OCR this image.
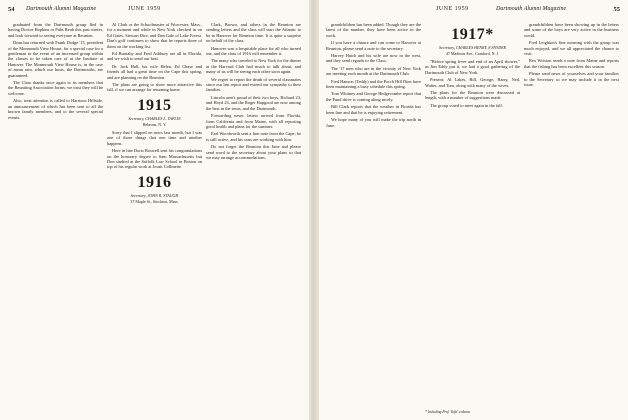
54 Dartmouth Alumni Magazine	JUNE 1959

graduated from the Dartmouth group fled in having Doctor Hopkins or Pabs Reub this past winter, and look forward to seeing everyone at Reunion.

Dean has returned with Frank Dodge '15, president of the Monmouth View House, for a special case for a gentleman in the event of an increased group within the classes to be taken care of at the Institute at Hanover. The Monmouth View House is, in the case of mean rain, which our hosts, the Dartmouths, are guaranteed.

The Class thanks once again to its members that the Reuniting Association forms; we trust they will be welcome.

Also, treat attention is called to Harrison Hillside, an announcement of which has been sent to all the known family members, and to the several special events.

Al Clark or the Schoolmaster of Worcester, Mass., for a moment and while in New York checked in on Ed Gates, Stewart Dire, and Dan Gale of Lake Forest. Dan's golf continues to show that he reports three of them on the working list.

Ed Burnaby and Fred Ashbury are all in Florida, and we wish to send our best.

Dr. Jack Hull, his wife Helen, Ed Chase and friends all had a great time on the Cape this spring, and are planning on the Reunion.

The plans are going to show more attractive this fall, if we can arrange for returning home.

1915
Secretary, CHARLES L. TAPLIN
Hebrons, N. Y.

Sorry that I slipped on news last month, but I was one of those things that one time and another happens.

Here in line Doris Boswell sent his congratulations on the honorary degree to Sam Massachusetts but Don studied at the Suffolk Law School in Boston on top of his regular work at Jesuit Collinette.

1916
Secretary, JOHN R. STAUGH
37 Maple St., Stockton, Mass.

Clark, Brown, and others in the Reunion are sending letters and the class will start the Atlantic to be in Hanover for Reunion time. It is quite a surprise on behalf of the class.

Hanover was a hospitable place for all who turned out, and the class of 1916 will remember it.

The many who traveled to New York for the dinner at the Harvard Club had much to talk about, and many of us will be seeing each other soon again.

We regret to report the death of several classmates since our last report and extend our sympathy to their families.

Lincoln aren't proud of their two boys, Richard 23, and Hoyd 23, and the Roger Hapgood are now among the best in the town, and the Dartmouth.

Forwarding news: letters arrived from Florida, from California and from Maine, with all reporting good health and plans for the summer.

Earl Woodworth sent a fine note from the Cape; he is still active, and his sons are working with him.

Do not forget the Reunion this June and please send word to the secretary about your plans so that we may arrange accommodations.

JUNE 1959	Dartmouth Alumni Magazine	55

grandchildren has been added. Though they are the latest of the number, they have been active in the work.

If you have a chance and can come to Hanover at Reunion, please send a note to the secretary.

Harvey Hatch and his wife are now in the west, and they send regards to the Class.

The '17 men who are in the vicinity of New York are meeting each month at the Dartmouth Club.

Fred Hanson (Teddy) and the Porch Hill Dine have been maintaining a busy schedule this spring.

Tom Whitney and George Hedgecombe report that the Fund drive is coming along nicely.

Bill Clark reports that the weather in Florida has been fine and that he is enjoying retirement.

We hope many of you will make the trip north in June.

1917*
Secretary, CHARLES HENRY, 8 SNYDER
47 Madison Ave., Cranford, N. J.

"Before spring fever and end of an April shower," as Jim Eddy put it, we had a good gathering of the Dartmouth Club of New York.

Present: Al Lakes, Bill, George, Harry, Ned, Walter, and Tom, along with many of the wives.

The plans for the Reunion were discussed at length, with a number of suggestions made.

The group voted to meet again in the fall.

* Including Prof. Tufts' column.

grandchildren have been showing up in the letters and some of the boys are very active in the business world.

Fred Leighton's fine morning with the group was much enjoyed, and we all appreciated the chance to visit.

Rex Wriston sends a note from Maine and reports that the fishing has been excellent this season.

Please send news of yourselves and your families to the Secretary so we may include it in the next issue.
